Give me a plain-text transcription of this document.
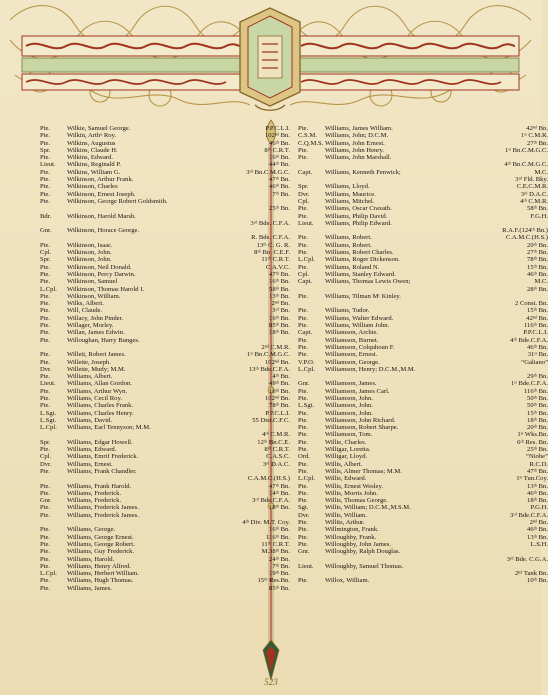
Pte.	Wilkie, Samuel George.	P.P.C.L.I.
Pte.	Wilkin, Arthᵘ Roy.	102ⁿᵈ Bn.
Pte.	Wilkins, Augustus	46ᵗʰ Bn.
Spr.	Wilkins, Claude H.	8ᵗʰ C.R.T.
Pte.	Wilkins, Edward.	16ᵗʰ Bn.
Lieut.	Wilkins, Reginald P.	44ᵗʰ Bn.
Pte.	Wilkins, William G.	3ʳᵈ Bn.C.M.G.C.
Pte.	Wilkinson, Arthur Frank.	47ᵗʰ Bn.
Pte.	Wilkinson, Charles	46ᵗʰ Bn.
Pte.	Wilkinson, Ernest Joseph.	7ᵗʰ Bn.
Pte.	Wilkinson, George Robert Goldsmith.
25ᵗʰ Bn.
Bdr.	Wilkinson, Harold Marsh.
3ʳᵈ Bde. C.F.A.
Gnr.	Wilkinson, Horace George.
R. Bde. C.F.A.
Pte.	Wilkinson, Isaac.	13ᵗʰ C. G. R.
Cpl.	Wilkinson, John.	8ᵗʰ Bn. C.E.F.
Spr.	Wilkinson, John.	11ᵗʰ C.R.T.
Pte.	Wilkinson, Neil Donald.	C.A.V.C.
Pte.	Wilkinson, Percy Darwin.	47ᵗʰ Bn.
Pte.	Wilkinson, Samuel	16ᵗʰ Bn.
L.Cpl.	Wilkinson, Thomas Harold I.	58ᵗʰ Bn.
Pte.	Wilkinson, William.	13ᵗʰ Bn.
Pte.	Wilks, Albert.	2ⁿᵈ Bn.
Pte.	Will, Claude.	3ʳᵈ Bn.
Pte.	Willacy, John Pinder.	16ᵗʰ Bn.
Pte.	Willager, Morley.	85ᵗʰ Bn.
Pte.	Willan, James Edwin.	18ᵗʰ Bn.
Pte.	Willoughan, Harry Bunges.
2ⁿᵈ C.M.R.
Pte.	Willett, Robert James.	1ˢᵗ Bn.C.M.G.C.
Pte.	Willette, Joseph.	102ⁿᵈ Bn.
Dvr.	Willette, Mudy; M.M.	13ᵗʰ Bde.C.F.A.
Pte.	Williams, Albert.	4ᵗʰ Bn.
Lieut.	Williams, Allan Gordon.	49ᵗʰ Bn.
Pte.	Williams, Arthur Wyn.	16ᵗʰ Bn.
Pte.	Williams, Cecil Roy.	102ⁿᵈ Bn.
Pte.	Williams, Charles Frank.	78ᵗʰ Bn.
L.Sgt.	Williams, Charles Henry.	P.P.C.L.I.
L.Sgt.	Williams, David.	55 Dist.C.F.C.
L.Cpl.	Williams, Earl Tennyson; M.M.
4ᵗʰ C.M.R.
Spr.	Williams, Edgar Howell.	12ᵗʰ Bn.C.E.
Pte.	Williams, Edward.	8ᵗʰ C.R.T.
Cpl.	Williams, Emrif Frederick.	C.A.S.C.
Dvr.	Williams, Ernest.	3ʳᵈ D.A.C.
Pte.	Williams, Frank Chandler.
C.A.M.C.(H.S.)
Pte.	Williams, Frank Harold.	47ᵗʰ Bn.
Pte.	Williams, Frederick.	14ᵗʰ Bn.
Gnr.	Williams, Frederick.	3ʳᵈ Bde.C.F.A.
Pte.	Williams, Frederick James.	18ᵗʰ Bn.
Pte.	Williams, Frederick James.
4ᵗʰ Div. M.T. Coy.
Pte.	Williams, George.	16ᵗʰ Bn.
Pte.	Williams, George Ernest.	116ᵗʰ Bn.
Pte.	Williams, George Robert.	11ᵗʰ C.R.T.
Pte.	Williams, Guy Frederick.	M.38ᵗʰ Bn.
Pte.	Williams, Harold.	24ᵗʰ Bn.
Pte.	Williams, Henry Alfred.	7ᵗʰ Bn.
L.Cpl.	Williams, Herbert William.	19ᵗʰ Bn.
Pte.	Williams, Hugh Thomas.	15ᵗʰ Res.Bn.
Pte.	Williams, James.	85ᵗʰ Bn.
Pte.	Williams, James William.	42ⁿᵈ Bn.
C.S.M.	Williams, John; D.C.M.	1ˢᵗ C.M.R.
C.Q.M.S. Williams, John Ernest.	27ᵗʰ Bn.
Pte.	Williams, John Henry.	1ˢᵗ Bn.C.M.G.C.
Pte.	Williams, John Marshall.
4ᵗʰ Bn.C.M.G.C.
Capt.	Williams, Kenneth Fenwick;	M.C.
3ʳᵈ Fld. Bky.
Spr.	Williams, Lloyd.	C.E.C.M.R.
Dvr.	Williams, Maurice.	3ʳᵈ D.A.C.
Cpl.	Williams, Mitchel.	4ᵗʰ C.M.R.
Pte.	Williams, Oscar Craxath.	58ᵗʰ Bn.
Pte.	Williams, Philip David.	F.G.H.
Lieut.	Williams, Philip Edward.
R.A.F.(124ᵗʰ Bn.)
Pte.	Williams, Robert.	C.A.M.C.(H.S.)
Pte.	Williams, Robert.	20ᵗʰ Bn.
Pte.	Williams, Robert Charles.	27ᵗʰ Bn.
L.Cpl.	Williams, Roger Dickenson.	78ᵗʰ Bn.
Pte.	Williams, Roland N.	15ᵗʰ Bn.
Cpl.	Williams, Stanley Edward.	46ᵗʰ Bn.
Capt.	Williams, Thomas Lewis Owen;	M.C.
28ᵗʰ Bn.
Pte.	Williams, Tilman Mᶜ Kinley.
2 Const. Bn.
Pte.	Williams, Tudor.	15ᵗʰ Bn.
Pte.	Williams, Walter Edward.	42ⁿᵈ Bn.
Pte.	Williams, William John.	116ᵗʰ Bn.
Capt.	Williamson, Archie.	P.P.C.L.I.
Pte.	Williamson, Burnet.	4ᵗʰ Bde.C.F.A.
Pte.	Williamson, Colquhoun F.	46ᵗʰ Bn.
Pte.	Williamson, Ernest.	31ˢᵗ Bn.
V.P.O.	Williamson, George.	“Galiano”
L.Cpl.	Williamson, Henry; D.C.M.,M.M.
29ᵗʰ Bn.
Gnr.	Williamson, James.	1ˢᵗ Bde.C.F.A.
Pte.	Williamson, James Carl.	116ᵗʰ Bn.
Pte.	Williamson, John.	50ᵗʰ Bn.
L.Sgt.	Williamson, John.	50ᵗʰ Bn.
Pte.	Williamson, John.	15ᵗʰ Bn.
Pte.	Williamson, John Richard.	18ᵗʰ Bn.
Pte.	Williamson, Robert Sharpe.	20ᵗʰ Bn.
Pte.	Williamson, Tom.	1ˢᵗ Wks.Bn.
Pte.	Willie, Charles.	6ᵗʰ Res. Bn.
Pte.	Willigar, Loretta.	25ᵗʰ Bn.
Ord.	Willigar, Lloyd.	“Niobe”
Pte.	Willis, Albert.	R.C.D.
Pte.	Willis, Almer Thomas; M.M.	47ᵗʰ Bn.
L.Cpl.	Willis, Edward.	1ˢᵗ Tun.Coy.
Pte.	Willis, Ernest Wesley.	13ᵗʰ Bn.
Pte.	Willis, Morris John.	46ᵗʰ Bn.
Pte.	Willis, Thomas George.	18ᵗʰ Bn.
Sgt.	Willis, William; D.C.M.,M.S.M.	P.G.H.
Dvr.	Willis, William.	3ʳᵈ Bde.C.F.A.
Pte.	Willits, Arthur.	2ⁿᵈ Bn.
Pte.	Willmington, Frank.	46ᵗʰ Bn.
Pte.	Willoughby, Frank.	13ᵗʰ Bn.
Pte.	Willoughby, John James.	L.S.H.
Gnr.	Willoughby, Ralph Douglas.
3ʳᵈ Bde. C.G.A.
Lieut.	Willoughby, Samuel Thomas.
2ⁿᵈ Tank Bn.
Pte.	Willox, William.	10ᵗʰ Bn.
523
